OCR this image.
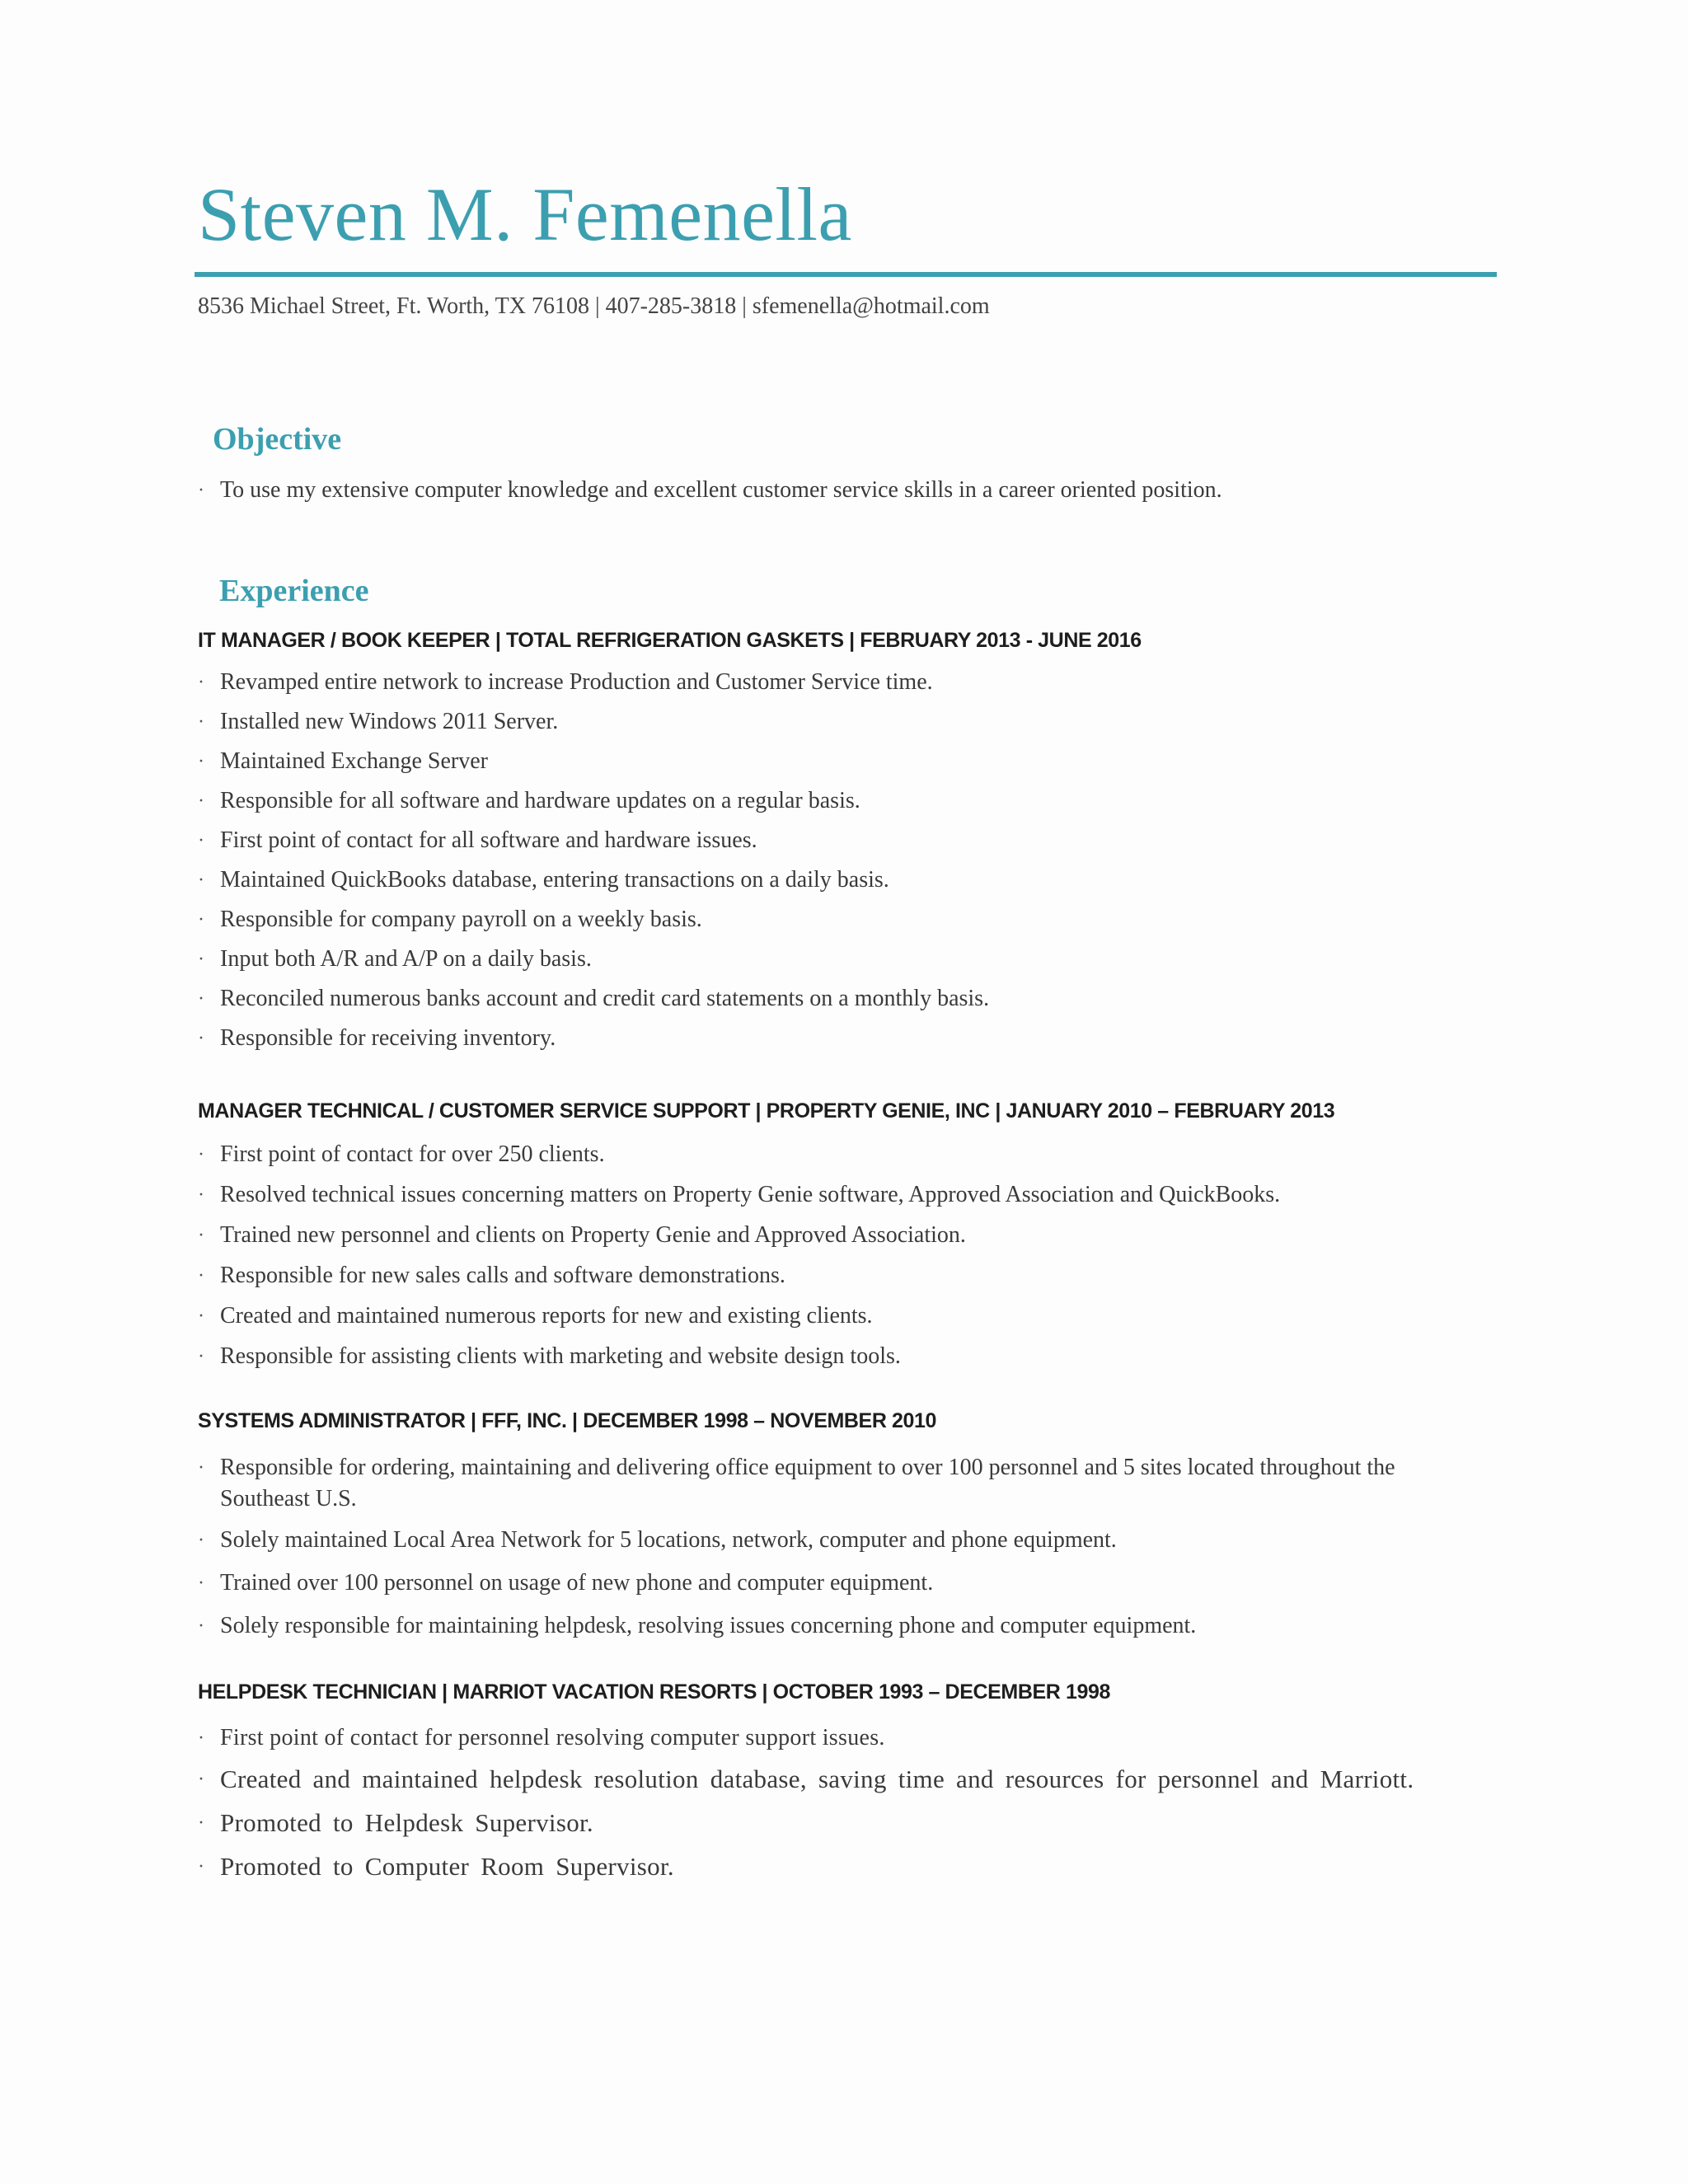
Steven M. Femenella
8536 Michael Street, Ft. Worth, TX 76108 | 407-285-3818 | sfemenella@hotmail.com
Objective
· To use my extensive computer knowledge and excellent customer service skills in a career oriented position.
Experience
IT MANAGER / BOOK KEEPER | TOTAL REFRIGERATION GASKETS | FEBRUARY 2013 - JUNE 2016
· Revamped entire network to increase Production and Customer Service time.
· Installed new Windows 2011 Server.
· Maintained Exchange Server
· Responsible for all software and hardware updates on a regular basis.
· First point of contact for all software and hardware issues.
· Maintained QuickBooks database, entering transactions on a daily basis.
· Responsible for company payroll on a weekly basis.
· Input both A/R and A/P on a daily basis.
· Reconciled numerous banks account and credit card statements on a monthly basis.
· Responsible for receiving inventory.
MANAGER TECHNICAL / CUSTOMER SERVICE SUPPORT | PROPERTY GENIE, INC | JANUARY 2010 – FEBRUARY 2013
· First point of contact for over 250 clients.
· Resolved technical issues concerning matters on Property Genie software, Approved Association and QuickBooks.
· Trained new personnel and clients on Property Genie and Approved Association.
· Responsible for new sales calls and software demonstrations.
· Created and maintained numerous reports for new and existing clients.
· Responsible for assisting clients with marketing and website design tools.
SYSTEMS ADMINISTRATOR | FFF, INC. | DECEMBER 1998 – NOVEMBER 2010
· Responsible for ordering, maintaining and delivering office equipment to over 100 personnel and 5 sites located throughout the Southeast U.S.
· Solely maintained Local Area Network for 5 locations, network, computer and phone equipment.
· Trained over 100 personnel on usage of new phone and computer equipment.
· Solely responsible for maintaining helpdesk, resolving issues concerning phone and computer equipment.
HELPDESK TECHNICIAN | MARRIOT VACATION RESORTS | OCTOBER 1993 – DECEMBER 1998
· First point of contact for personnel resolving computer support issues.
· Created and maintained helpdesk resolution database, saving time and resources for personnel and Marriott.
· Promoted to Helpdesk Supervisor.
· Promoted to Computer Room Supervisor.
